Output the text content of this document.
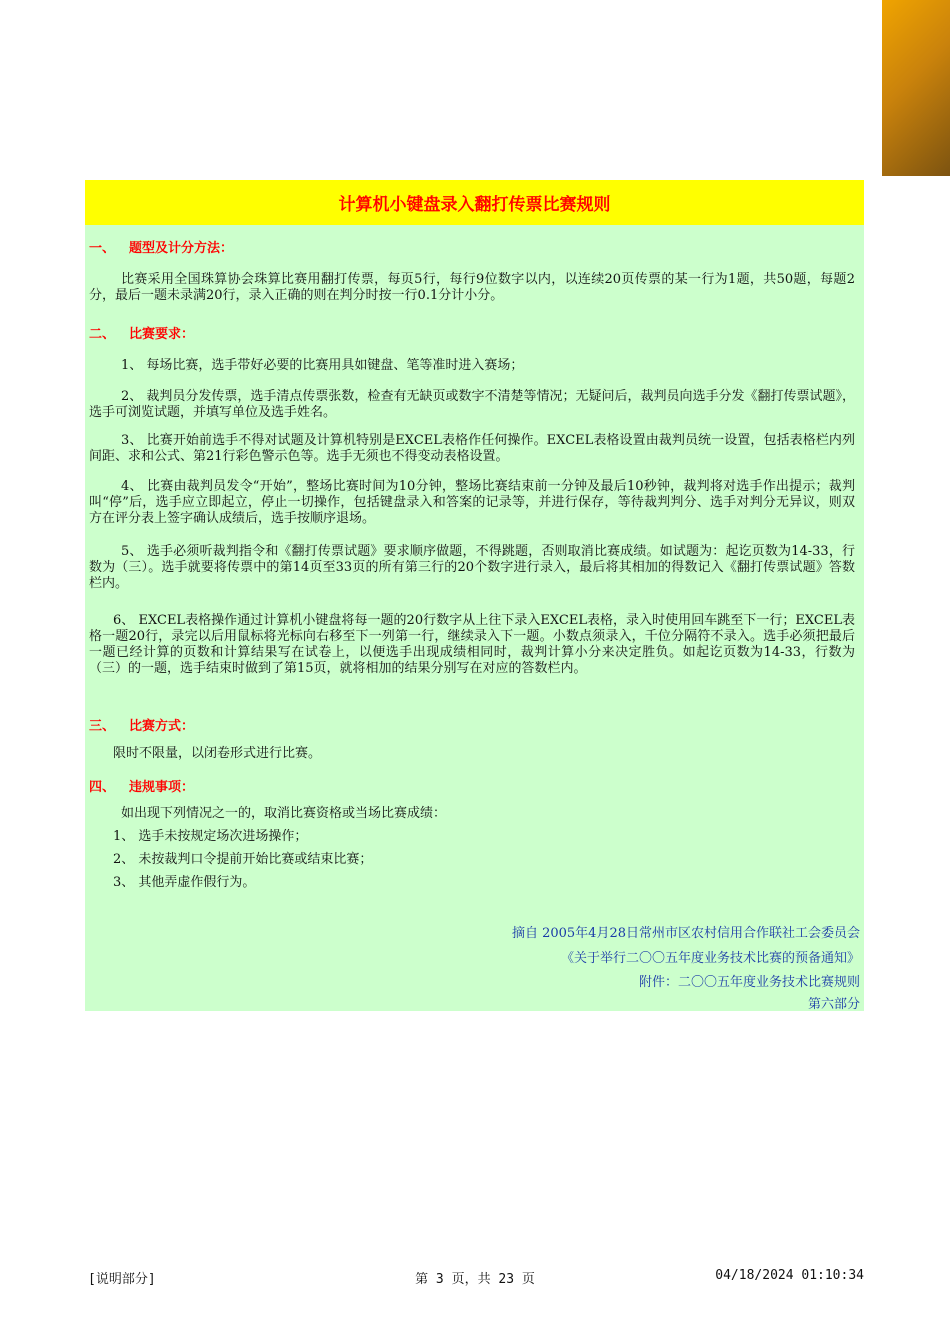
计算机小键盘录入翻打传票比赛规则
一、 题型及计分方法：
比赛采用全国珠算协会珠算比赛用翻打传票，每页5行，每行9位数字以内，以连续20页传票的某一行为1题，共50题，每题2分，最后一题未录满20行，录入正确的则在判分时按一行0.1分计小分。
二、 比赛要求：
1、 每场比赛，选手带好必要的比赛用具如键盘、笔等准时进入赛场；
2、 裁判员分发传票，选手清点传票张数，检查有无缺页或数字不清楚等情况；无疑问后，裁判员向选手分发《翻打传票试题》，选手可浏览试题，并填写单位及选手姓名。
3、 比赛开始前选手不得对试题及计算机特别是EXCEL表格作任何操作。EXCEL表格设置由裁判员统一设置，包括表格栏内列间距、求和公式、第21行彩色警示色等。选手无须也不得变动表格设置。
4、 比赛由裁判员发令“开始”，整场比赛时间为10分钟，整场比赛结束前一分钟及最后10秒钟，裁判将对选手作出提示；裁判叫“停”后，选手应立即起立，停止一切操作，包括键盘录入和答案的记录等，并进行保存，等待裁判判分、选手对判分无异议，则双方在评分表上签字确认成绩后，选手按顺序退场。
5、 选手必须听裁判指令和《翻打传票试题》要求顺序做题，不得跳题，否则取消比赛成绩。如试题为：起讫页数为14-33，行数为（三）。选手就要将传票中的第14页至33页的所有第三行的20个数字进行录入，最后将其相加的得数记入《翻打传票试题》答数栏内。
6、 EXCEL表格操作通过计算机小键盘将每一题的20行数字从上往下录入EXCEL表格，录入时使用回车跳至下一行；EXCEL表格一题20行，录完以后用鼠标将光标向右移至下一列第一行，继续录入下一题。小数点须录入，千位分隔符不录入。选手必须把最后一题已经计算的页数和计算结果写在试卷上，以便选手出现成绩相同时，裁判计算小分来决定胜负。如起讫页数为14-33，行数为（三）的一题，选手结束时做到了第15页，就将相加的结果分别写在对应的答数栏内。
三、 比赛方式：
限时不限量，以闭卷形式进行比赛。
四、 违规事项：
如出现下列情况之一的，取消比赛资格或当场比赛成绩：
1、 选手未按规定场次进场操作；
2、 未按裁判口令提前开始比赛或结束比赛；
3、 其他弄虚作假行为。
摘自 2005年4月28日常州市区农村信用合作联社工会委员会
《关于举行二〇〇五年度业务技术比赛的预备通知》
附件：二〇〇五年度业务技术比赛规则
第六部分
[说明部分]	第 3 页，共 23 页	04/18/2024 01:10:34
